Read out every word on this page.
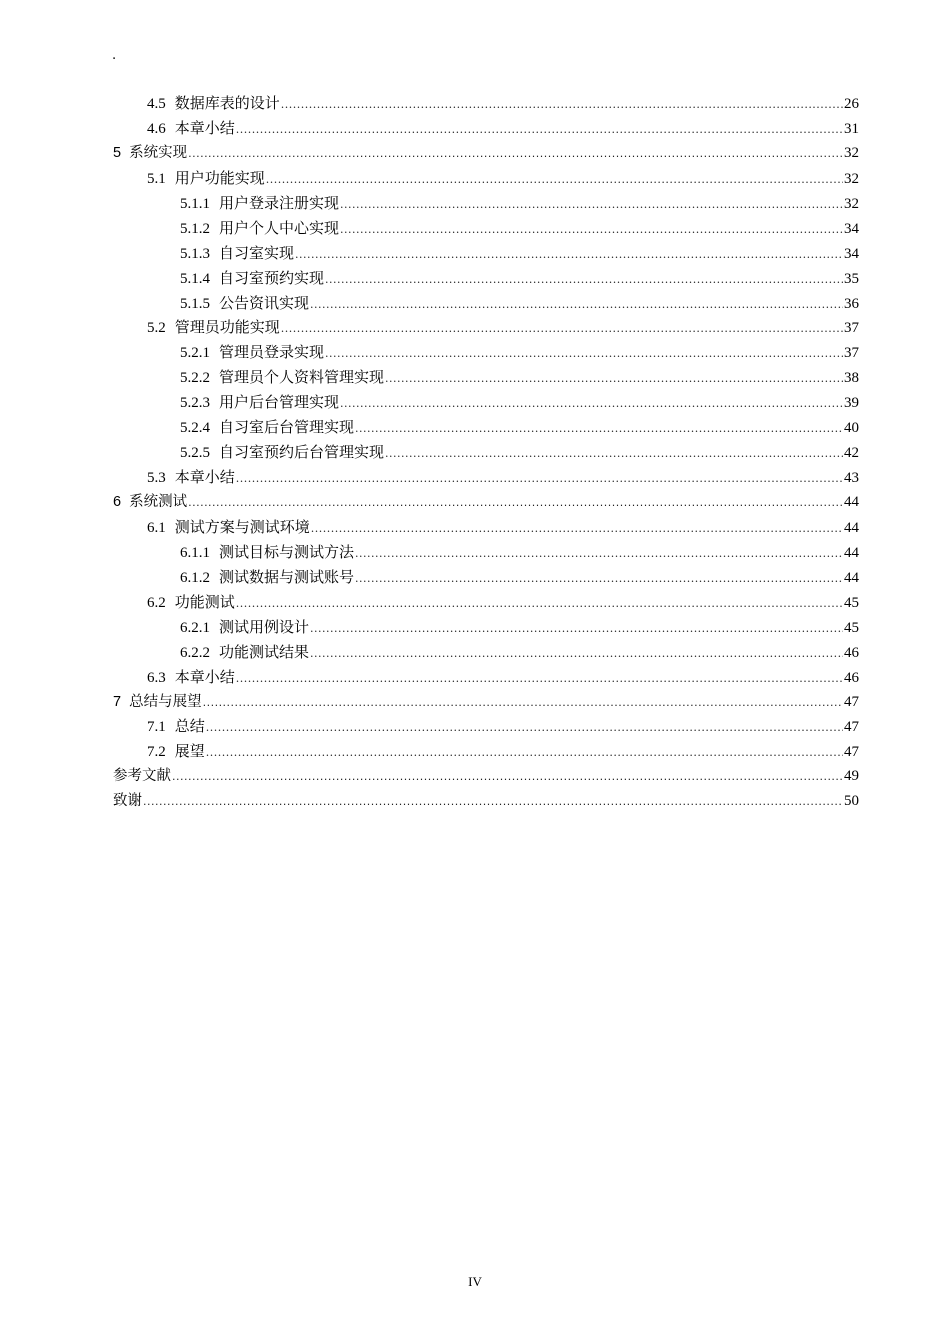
.
4.5 数据库表的设计 .....	26
4.6 本章小结 .....	31
5 系统实现 .....	32
5.1 用户功能实现 .....	32
5.1.1 用户登录注册实现 .....	32
5.1.2 用户个人中心实现 .....	34
5.1.3 自习室实现 .....	34
5.1.4 自习室预约实现 .....	35
5.1.5 公告资讯实现 .....	36
5.2 管理员功能实现 .....	37
5.2.1 管理员登录实现 .....	37
5.2.2 管理员个人资料管理实现 .....	38
5.2.3 用户后台管理实现 .....	39
5.2.4 自习室后台管理实现 .....	40
5.2.5 自习室预约后台管理实现 .....	42
5.3 本章小结 .....	43
6 系统测试 .....	44
6.1 测试方案与测试环境 .....	44
6.1.1 测试目标与测试方法 .....	44
6.1.2 测试数据与测试账号 .....	44
6.2 功能测试 .....	45
6.2.1 测试用例设计 .....	45
6.2.2 功能测试结果 .....	46
6.3 本章小结 .....	46
7 总结与展望 .....	47
7.1 总结 .....	47
7.2 展望 .....	47
参考文献 .....	49
致谢 .....	50
IV
